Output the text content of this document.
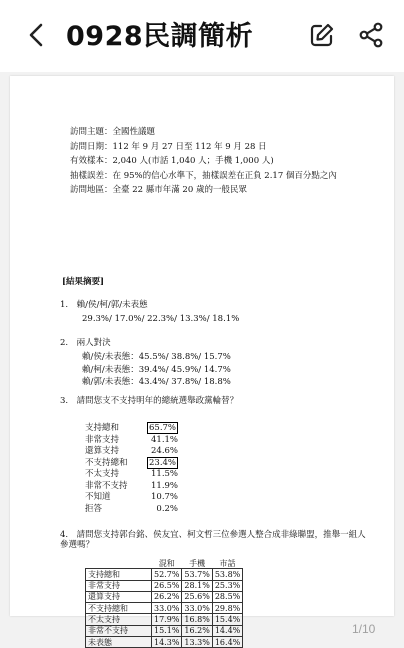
0928民調簡析
訪問主題：全國性議題
訪問日期：112 年 9 月 27 日至 112 年 9 月 28 日
有效樣本：2,040 人(市話 1,040 人；手機 1,000 人)
抽樣誤差：在 95%的信心水準下，抽樣誤差在正負 2.17 個百分點之內
訪問地區：全臺 22 縣市年滿 20 歲的一般民眾
[結果摘要]
1.　賴/侯/柯/郭/未表態
29.3%/ 17.0%/ 22.3%/ 13.3%/ 18.1%
2.　兩人對決
賴/侯/未表態：45.5%/ 38.8%/ 15.7%
賴/柯/未表態：39.4%/ 45.9%/ 14.7%
賴/郭/未表態：43.4%/ 37.8%/ 18.8%
3.　請問您支不支持明年的總統選舉政黨輪替？
支持總和	65.7%
非常支持	41.1%
還算支持	24.6%
不支持總和	23.4%
不太支持	11.5%
非常不支持	11.9%
不知道	10.7%
拒答	0.2%
4.　請問您支持郭台銘、侯友宜、柯文哲三位參選人整合成非綠聯盟，推舉一組人參選嗎？
	混和	手機	市話
支持總和	52.7%	53.7%	53.8%
非常支持	26.5%	28.1%	25.3%
還算支持	26.2%	25.6%	28.5%
不支持總和	33.0%	33.0%	29.8%
不太支持	17.9%	16.8%	15.4%
非常不支持	15.1%	16.2%	14.4%
未表態	14.3%	13.3%	16.4%
1/10
